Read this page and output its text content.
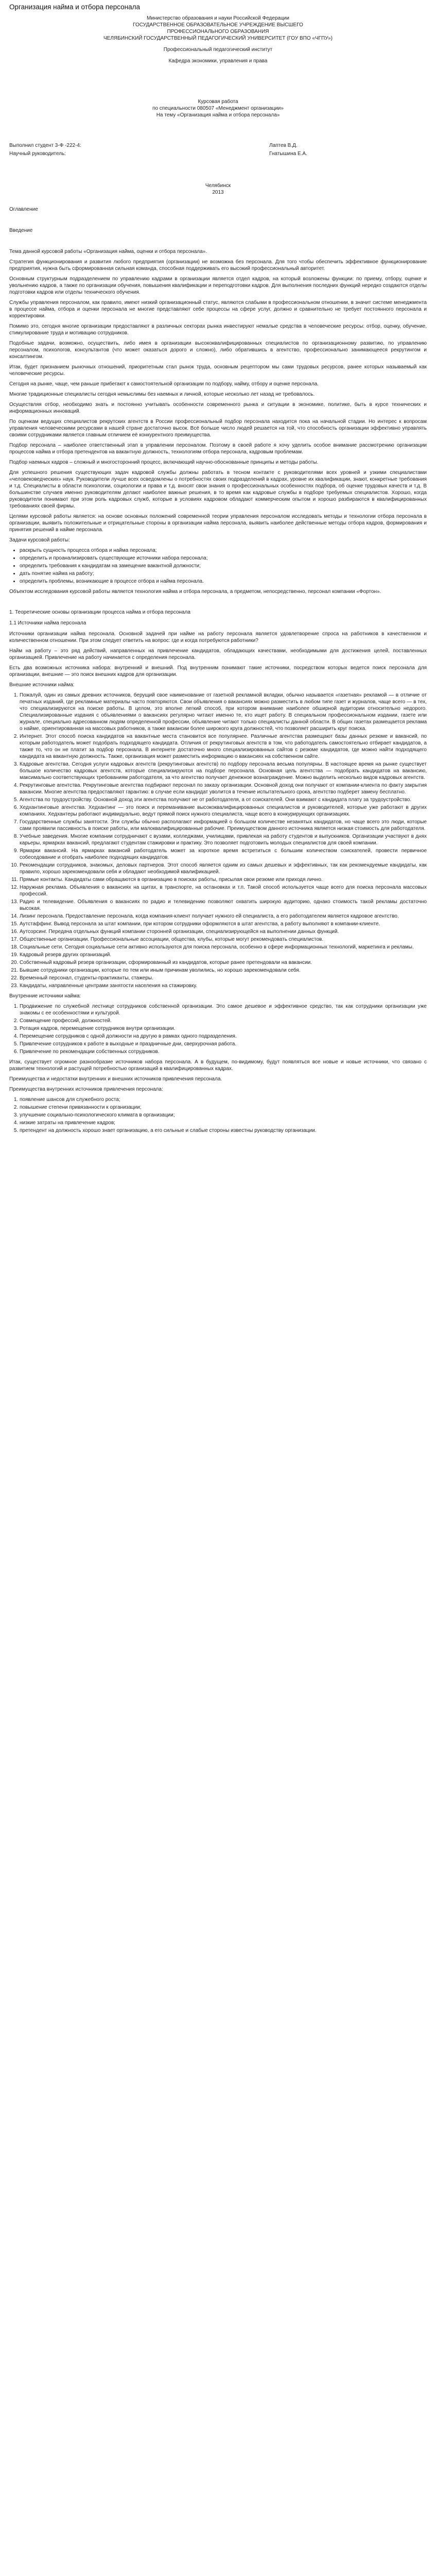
Организация найма и отбора персонала

Министерство образования и науки Российской Федерации

ГОСУДАРСТВЕННОЕ ОБРАЗОВАТЕЛЬНОЕ УЧРЕЖДЕНИЕ ВЫСШЕГО

ПРОФЕССИОНАЛЬНОГО ОБРАЗОВАНИЯ

ЧЕЛЯБИНСКИЙ ГОСУДАРСТВЕННЫЙ ПЕДАГОГИЧЕСКИЙ УНИВЕРСИТЕТ (ГОУ ВПО «ЧГПУ»)

Профессиональный педагогический институт

Кафедра экономики, управления и права

Курсовая работа

по специальности 080507 «Менеджмент организации»

На тему «Организация найма и отбора персонала»

Выполнил студент 3-Ф -222-4:	Лаптев В.Д.
Научный руководитель:	Гнатышина Е.А.

Челябинск

2013

Оглавление

Введение

Тема данной курсовой работы «Организация найма, оценки и отбора персонала».

Стратегия функционирования и развития любого предприятия (организации) не возможна без персонала. Для того чтобы обеспечить эффективное функционирование предприятия, нужна быть сформированная сильная команда, способная поддерживать его высокий профессиональный авторитет.

Основным структурным подразделением по управлению кадрами в организации является отдел кадров, на который возложены функции: по приему, отбору, оценке и увольнению кадров, а также по организации обучения, повышения квалификации и переподготовки кадров. Для выполнения последних функций нередко создаются отделы подготовки кадров или отделы технического обучения.

Службы управления персоналом, как правило, имеют низкий организационный статус, являются слабыми в профессиональном отношении, в значит системе менеджмента в процессе найма, отбора и оценки персонала не многие представляют себе процессы на сфере услуг, должно и сравнительно не требует постоянного персонала и корректировки.

Помимо это, сегодня многие организации предоставляют в различных секторах рынка инвестируют немалые средства в человеческие ресурсы: отбор, оценку, обучение, стимулирование труда и мотивацию сотрудников.

Подобные задачи, возможно, осуществить, либо имея в организации высококвалифицированных специалистов по организационному развитию, по управлению персоналом, психологов, консультантов (что может оказаться дорого и сложно), либо обратившись в агентство, профессионально занимающееся рекрутингом и консалтингом.

Итак, будет признанием рыночных отношений, приоритетным стал рынок труда, основным рецептором мы сами трудовых ресурсов, ранее которых называемый как человеческие ресурсы.

Сегодня на рынке, чаще, чем раньше прибегают к самостоятельной организации по подбору, найму, отбору и оценке персонала.

Многие традиционные специалисты сегодня немыслимы без наемных и личной, которые несколько лет назад не требовалось.

Осуществляя отбор, необходимо знать и постоянно учитывать особенности современного рынка и ситуации в экономике, политике, быть в курсе технических и информационных инноваций.

По оценкам ведущих специалистов рекрутских агентств в России профессиональный подбор персонала находится пока на начальной стадии. Но интерес к вопросам управления человеческими ресурсами в нашей стране достаточно высок. Всё больше число людей решается на той, что способность организации эффективно управлять своими сотрудниками является главным отличием её конкурентного преимущества.

Подбор персонала – наиболее ответственный этап в управлении персоналом. Поэтому в своей работе я хочу уделить особое внимание рассмотрению организации процессов найма и отбора претендентов на вакантную должность, технологиям отбора персонала, кадровым проблемам.

Подбор наемных кадров – сложный и многосторонний процесс, включающий научно-обоснованные принципы и методы работы.

Для успешного решения существующих задач кадровой службы должны работать в тесном контакте с руководителями всех уровней и узкими специалистами «человековедческих» наук. Руководители лучше всех осведомлены о потребностях своих подразделений в кадрах, уровне их квалификации, знают, конкретные требования и т.д. Специалисты в области психологии, социологии и права и т.д. вносят свои знания о профессиональных особенностях подбора, об оценке трудовых качеств и т.д. В большинстве случаев именно руководителям делают наиболее важные решения, в то время как кадровые службы в подборе требуемых специалистов. Хорошо, когда руководители понимают при этом роль кадровых служб, которые в условиях кадровом обладают коммерческим опытом и хорошо разбираются в квалифицированных требованиях своей фирмы.

Целями курсовой работы является: на основе основных положений современной теории управления персоналом исследовать методы и технологии отбора персонала в организации, выявить положительные и отрицательные стороны в организации найма персонала, выявить наиболее действенные методы отбора кадров, формирования и принятия решений в найме персонала.

Задачи курсовой работы:

• раскрыть сущность процесса отбора и найма персонала;
• определить и проанализировать существующие источники набора персонала;
• определить требования к кандидатам на замещение вакантной должности;
• дать понятие найма на работу;
• определить проблемы, возникающие в процессе отбора и найма персонала.

Объектом исследования курсовой работы является технология найма и отбора персонала, а предметом, непосредственно, персонал компании «Фортон».

1. Теоретические основы организации процесса найма и отбора персонала

1.1 Источники найма персонала

Источники организации найма персонала. Основной задачей при найме на работу персонала является удовлетворение спроса на работников в качественном и количественном отношении. При этом следует ответить на вопрос: где и когда потребуются работники?

Найм на работу – это ряд действий, направленных на привлечение кандидатов, обладающих качествами, необходимыми для достижения целей, поставленных организацией. Привлечение на работу начинается с определения персонала.

Есть два возможных источника набора: внутренний и внешний. Под внутренним понимают такие источники, посредством которых ведется поиск персонала для организации, внешние — это поиск внешних кадров для организации.

Внешние источники найма:

1. Пожалуй, один из самых древних источников, берущий свое наименование от газетной рекламной вкладки, обычно называется «газетная» рекламой — в отличие от печатных изданий, где рекламные материалы часто повторяются. Свои объявления о вакансиях можно разместить в любом типе газет и журналов, чаще всего — в тех, что специализируются на поиске работы. В целом, это вполне легкий способ, при котором внимание наиболее обширной аудитории относительно недорого. Специализированные издания с объявлениями о вакансиях регулярно читают именно те, кто ищет работу. В специальном профессиональном издании, газете или журнале, специально адресованном людям определенной профессии, объявление читают только специалисты данной области. В общих газетах размещается реклама о найме, ориентированная на массовых работников, а также вакансии более широкого круга должностей, что позволяет расширить круг поиска.
2. Интернет. Этот способ поиска кандидатов на вакантные места становится все популярнее. Различные агентства размещают базы данных резюме и вакансий, по которым работодатель может подобрать подходящего кандидата. Отличия от рекрутинговых агентств в том, что работодатель самостоятельно отбирает кандидатов, а также то, что он не платит за подбор персонала. В интернете достаточно много специализированных сайтов с резюме кандидатов, где можно найти подходящего кандидата на вакантную должность. Также, организация может разместить информацию о вакансиях на собственном сайте.
3. Кадровые агентства. Сегодня услуги кадровых агентств (рекрутинговых агентств) по подбору персонала весьма популярны. В настоящее время на рынке существует большое количество кадровых агентств, которые специализируются на подборе персонала. Основная цель агентства — подобрать кандидатов на вакансию, максимально соответствующих требованиям работодателя, за что агентство получает денежное вознаграждение. Можно выделить несколько видов кадровых агентств.
4. Рекрутинговые агентства. Рекрутинговые агентства подбирают персонал по заказу организации. Основной доход они получают от компании-клиента по факту закрытия вакансии. Многие агентства предоставляют гарантию: в случае если кандидат уволится в течение испытательного срока, агентство подберет замену бесплатно.
5. Агентства по трудоустройству. Основной доход эти агентства получают не от работодателя, а от соискателей. Они взимают с кандидата плату за трудоустройство.
6. Хедхантинговые агентства. Хедхантинг — это поиск и переманивание высококвалифицированных специалистов и руководителей, которые уже работают в других компаниях. Хедхантеры работают индивидуально, ведут прямой поиск нужного специалиста, чаще всего в конкурирующих организациях.
7. Государственные службы занятости. Эти службы обычно располагают информацией о большом количестве незанятых кандидатов, но чаще всего это люди, которые сами проявили пассивность в поиске работы, или малоквалифицированные рабочие. Преимуществом данного источника является низкая стоимость для работодателя.
8. Учебные заведения. Многие компании сотрудничают с вузами, колледжами, училищами, привлекая на работу студентов и выпускников. Организации участвуют в днях карьеры, ярмарках вакансий, предлагают студентам стажировки и практику. Это позволяет подготовить молодых специалистов для своей компании.
9. Ярмарки вакансий. На ярмарках вакансий работодатель может за короткое время встретиться с большим количеством соискателей, провести первичное собеседование и отобрать наиболее подходящих кандидатов.
10. Рекомендации сотрудников, знакомых, деловых партнеров. Этот способ является одним из самых дешевых и эффективных, так как рекомендуемые кандидаты, как правило, хорошо зарекомендовали себя и обладают необходимой квалификацией.
11. Прямые контакты. Кандидаты сами обращаются в организацию в поисках работы, присылая свои резюме или приходя лично.
12. Наружная реклама. Объявления о вакансиях на щитах, в транспорте, на остановках и т.п. Такой способ используется чаще всего для поиска персонала массовых профессий.
13. Радио и телевидение. Объявления о вакансиях по радио и телевидению позволяют охватить широкую аудиторию, однако стоимость такой рекламы достаточно высокая.
14. Лизинг персонала. Предоставление персонала, когда компания-клиент получает нужного ей специалиста, а его работодателем является кадровое агентство.
15. Аутстаффинг. Вывод персонала за штат компании, при котором сотрудники оформляются в штат агентства, а работу выполняют в компании-клиенте.
16. Аутсорсинг. Передача отдельных функций компании сторонней организации, специализирующейся на выполнении данных функций.
17. Общественные организации. Профессиональные ассоциации, общества, клубы, которые могут рекомендовать специалистов.
18. Социальные сети. Сегодня социальные сети активно используются для поиска персонала, особенно в сфере информационных технологий, маркетинга и рекламы.
19. Кадровый резерв других организаций.
20. Собственный кадровый резерв организации, сформированный из кандидатов, которые ранее претендовали на вакансии.
21. Бывшие сотрудники организации, которые по тем или иным причинам уволились, но хорошо зарекомендовали себя.
22. Временный персонал, студенты-практиканты, стажеры.
23. Кандидаты, направленные центрами занятости населения на стажировку.

Внутренние источники найма:

1. Продвижение по служебной лестнице сотрудников собственной организации. Это самое дешевое и эффективное средство, так как сотрудники организации уже знакомы с ее особенностями и культурой.
2. Совмещение профессий, должностей.
3. Ротация кадров, перемещение сотрудников внутри организации.
4. Перемещение сотрудников с одной должности на другую в рамках одного подразделения.
5. Привлечение сотрудников к работе в выходные и праздничные дни, сверхурочная работа.
6. Привлечение по рекомендации собственных сотрудников.

Итак, существует огромное разнообразие источников набора персонала. А в будущем, по-видимому, будут появляться все новые и новые источники, что связано с развитием технологий и растущей потребностью организаций в квалифицированных кадрах.

Преимущества и недостатки внутренних и внешних источников привлечения персонала.

Преимущества внутренних источников привлечения персонала:

1. появление шансов для служебного роста;
2. повышение степени привязанности к организации;
3. улучшение социально-психологического климата в организации;
4. низкие затраты на привлечение кадров;
5. претендент на должность хорошо знает организацию, а его сильные и слабые стороны известны руководству организации.
